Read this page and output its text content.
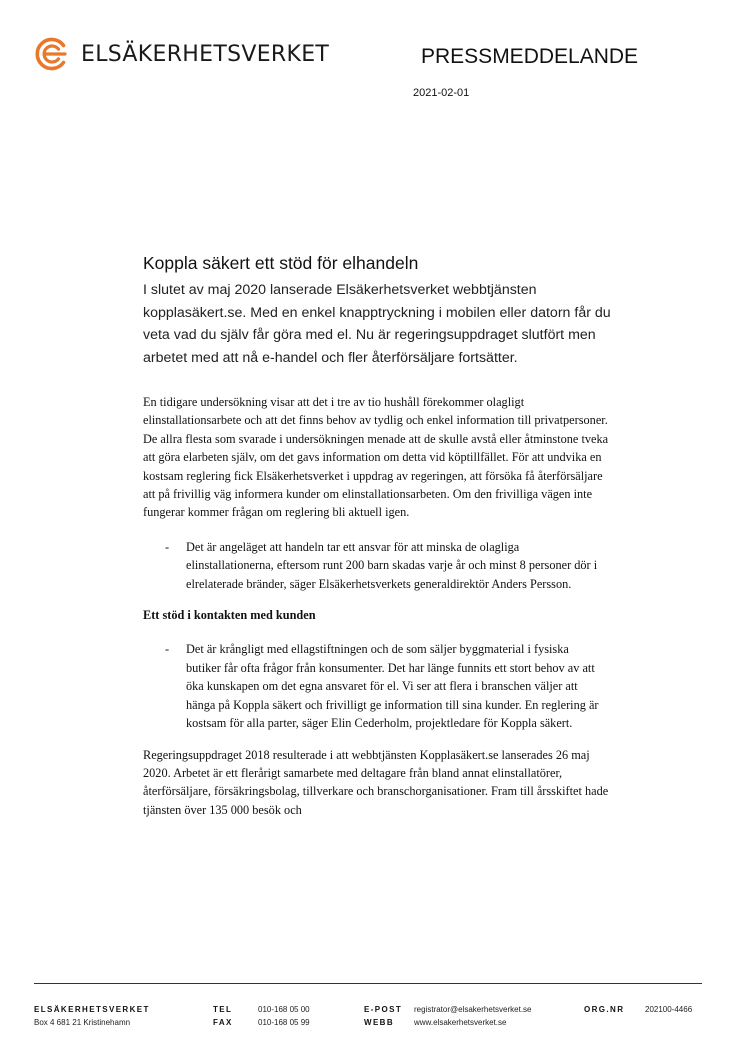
ELSÄKERHETSVERKET	PRESSMEDDELANDE
2021-02-01
Koppla säkert ett stöd för elhandeln

I slutet av maj 2020 lanserade Elsäkerhetsverket webbtjänsten kopplasäkert.se. Med en enkel knapptryckning i mobilen eller datorn får du veta vad du själv får göra med el. Nu är regeringsuppdraget slutfört men arbetet med att nå e-handel och fler återförsäljare fortsätter.

En tidigare undersökning visar att det i tre av tio hushåll förekommer olagligt elinstallationsarbete och att det finns behov av tydlig och enkel information till privatpersoner. De allra flesta som svarade i undersökningen menade att de skulle avstå eller åtminstone tveka att göra elarbeten själv, om det gavs information om detta vid köptillfället. För att undvika en kostsam reglering fick Elsäkerhetsverket i uppdrag av regeringen, att försöka få återförsäljare att på frivillig väg informera kunder om elinstallationsarbeten. Om den frivilliga vägen inte fungerar kommer frågan om reglering bli aktuell igen.

-	Det är angeläget att handeln tar ett ansvar för att minska de olagliga elinstallationerna, eftersom runt 200 barn skadas varje år och minst 8 personer dör i elrelaterade bränder, säger Elsäkerhetsverkets generaldirektör Anders Persson.

Ett stöd i kontakten med kunden

-	Det är krångligt med ellagstiftningen och de som säljer byggmaterial i fysiska butiker får ofta frågor från konsumenter. Det har länge funnits ett stort behov av att öka kunskapen om det egna ansvaret för el. Vi ser att flera i branschen väljer att hänga på Koppla säkert och frivilligt ge information till sina kunder. En reglering är kostsam för alla parter, säger Elin Cederholm, projektledare för Koppla säkert.

Regeringsuppdraget 2018 resulterade i att webbtjänsten Kopplasäkert.se lanserades 26 maj 2020. Arbetet är ett flerårigt samarbete med deltagare från bland annat elinstallatörer, återförsäljare, försäkringsbolag, tillverkare och branschorganisationer. Fram till årsskiftet hade tjänsten över 135 000 besök och

ELSÄKERHETSVERKET
Box 4 681 21 Kristinehamn
TEL	010-168 05 00
FAX	010-168 05 99
E-POST registrator@elsakerhetsverket.se
WEBB www.elsakerhetsverket.se
ORG.NR	202100-4466
